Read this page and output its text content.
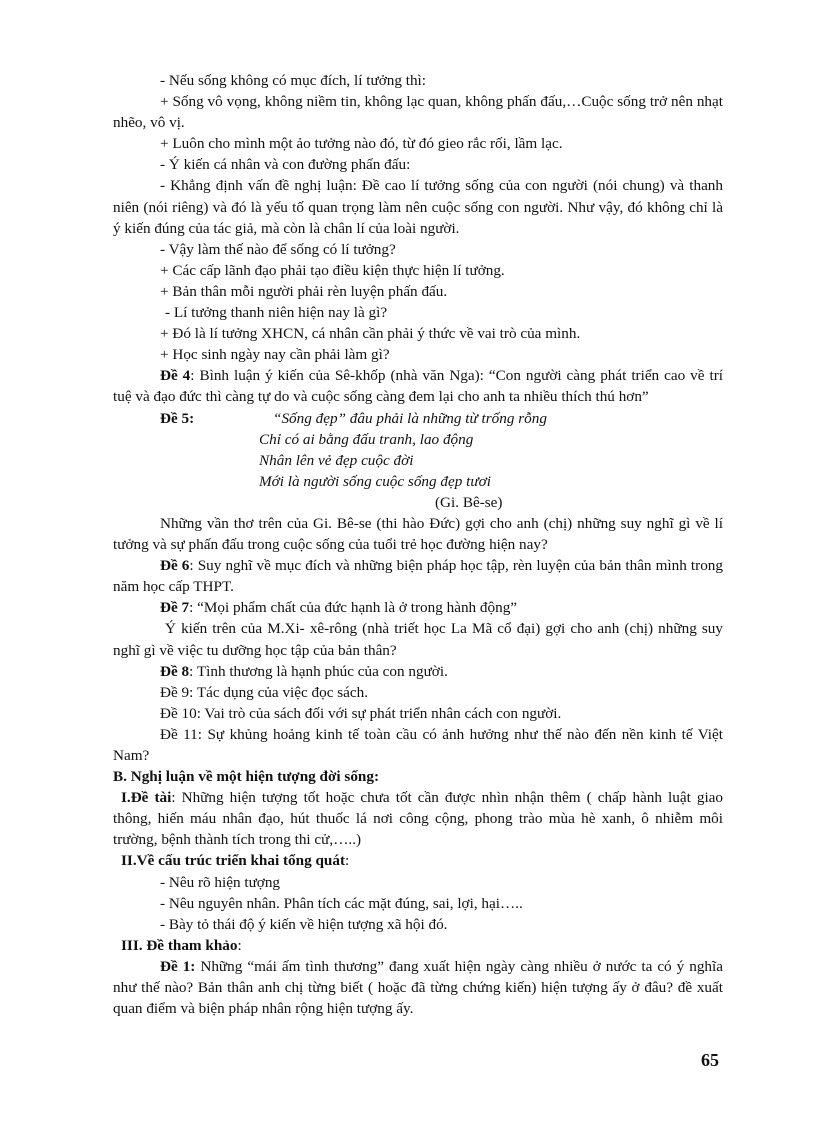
- Nếu sống không có mục đích, lí tưởng thì:

+ Sống vô vọng, không niềm tin, không lạc quan, không phấn đấu,…Cuộc sống trở nên nhạt nhẽo, vô vị.

+ Luôn cho mình một ảo tưởng nào đó, từ đó gieo rắc rối, lầm lạc.

- Ý kiến cá nhân và con đường phấn đấu:

- Khẳng định vấn đề nghị luận: Đề cao lí tưởng sống của con người (nói chung) và thanh niên (nói riêng) và đó là yếu tố quan trọng làm nên cuộc sống con người. Như vậy, đó không chỉ là ý kiến đúng của tác giả, mà còn là chân lí của loài người.

- Vậy làm thế nào để sống có lí tưởng?

+ Các cấp lãnh đạo phải tạo điều kiện thực hiện lí tưởng.

+ Bản thân mỗi người phải rèn luyện phấn đấu.

- Lí tưởng thanh niên hiện nay là gì?

+ Đó là lí tưởng XHCN, cá nhân cần phải ý thức về vai trò của mình.

+ Học sinh ngày nay cần phải làm gì?

Đề 4: Bình luận ý kiến của Sê-khốp (nhà văn Nga): “Con người càng phát triển cao về trí tuệ và đạo đức thì càng tự do và cuộc sống càng đem lại cho anh ta nhiều thích thú hơn”

Đề 5:	“Sống đẹp” đâu phải là những từ trống rỗng

Chỉ có ai bằng đấu tranh, lao động

Nhân lên vẻ đẹp cuộc đời

Mới là người sống cuộc sống đẹp tươi

(Gi. Bê-se)

Những vần thơ trên của Gi. Bê-se (thi hào Đức) gợi cho anh (chị) những suy nghĩ gì về lí tưởng và sự phấn đấu trong cuộc sống của tuổi trẻ học đường hiện nay?

Đề 6: Suy nghĩ về mục đích và những biện pháp học tập, rèn luyện của bản thân mình trong năm học cấp THPT.

Đề 7: “Mọi phẩm chất của đức hạnh là ở trong hành động”

Ý kiến trên của M.Xi- xê-rông (nhà triết học La Mã cổ đại) gợi cho anh (chị) những suy nghĩ gì về việc tu dưỡng học tập của bản thân?

Đề 8: Tình thương là hạnh phúc của con người.

Đề 9: Tác dụng của việc đọc sách.

Đề 10: Vai trò của sách đối với sự phát triển nhân cách con người.

Đề 11: Sự khủng hoảng kinh tế toàn cầu có ảnh hưởng như thế nào đến nền kinh tế Việt Nam?

B. Nghị luận về một hiện tượng đời sống:

I.Đề tài: Những hiện tượng tốt hoặc chưa tốt cần được nhìn nhận thêm ( chấp hành luật giao thông, hiến máu nhân đạo, hút thuốc lá nơi công cộng, phong trào mùa hè xanh, ô nhiễm môi trường, bệnh thành tích trong thi cử,…..)

II.Về cấu trúc triển khai tổng quát:

- Nêu rõ hiện tượng

- Nêu nguyên nhân. Phân tích các mặt đúng, sai, lợi, hại…..

- Bày tỏ thái độ ý kiến về hiện tượng xã hội đó.

III. Đề tham khảo:

Đề 1: Những “mái ấm tình thương” đang xuất hiện ngày càng nhiều ở nước ta có ý nghĩa như thế nào? Bản thân anh chị từng biết ( hoặc đã từng chứng kiến) hiện tượng ấy ở đâu? đề xuất quan điểm và biện pháp nhân rộng hiện tượng ấy.

65
